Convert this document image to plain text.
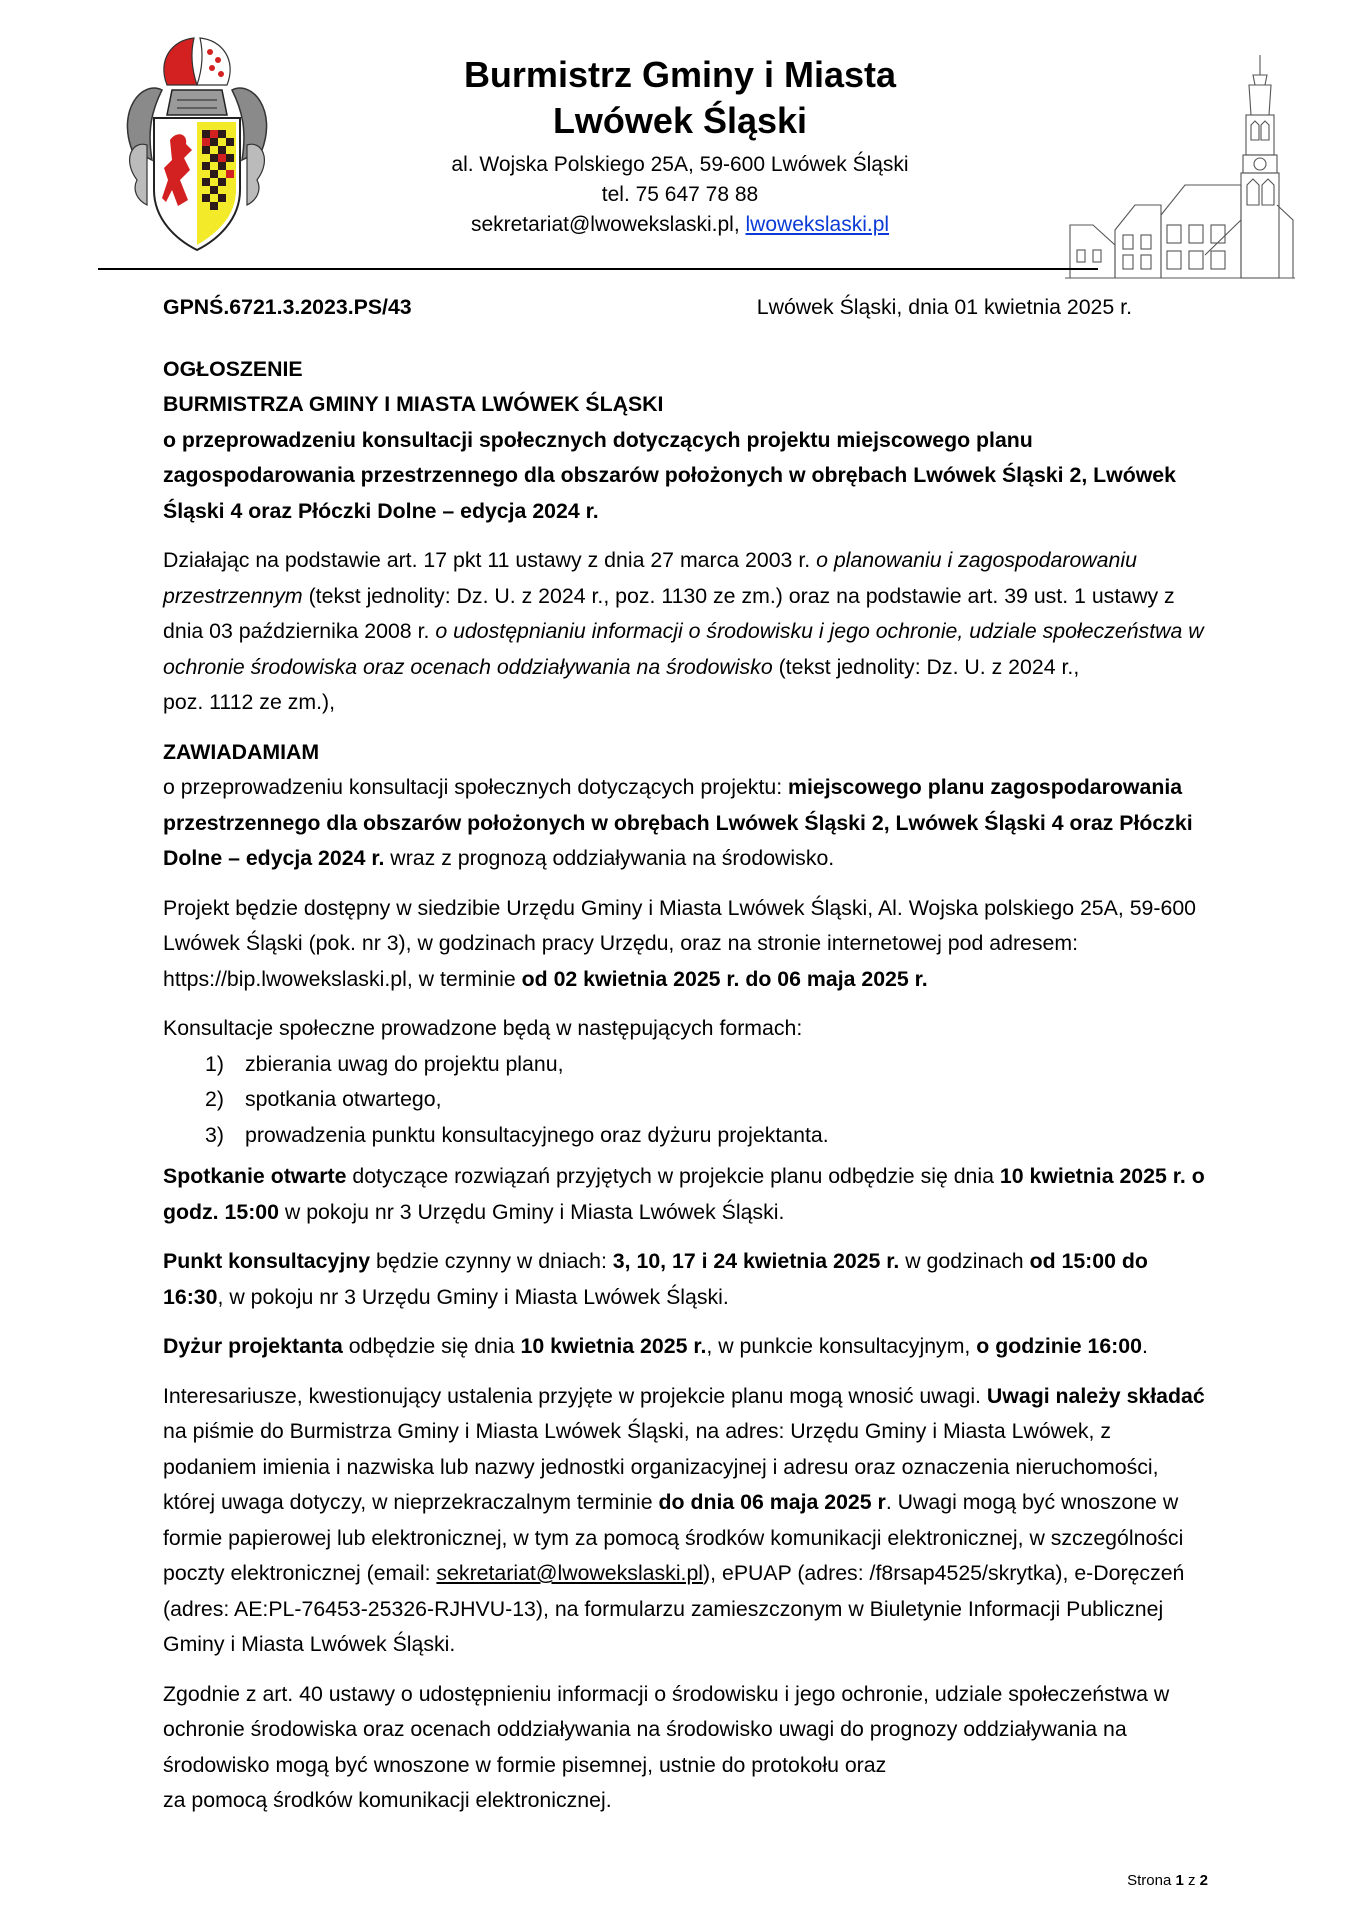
Burmistrz Gminy i Miasta
Lwówek Śląski
al. Wojska Polskiego 25A, 59-600 Lwówek Śląski
tel. 75 647 78 88
sekretariat@lwowekslaski.pl, lwowekslaski.pl
GPNŚ.6721.3.2023.PS/43	Lwówek Śląski, dnia 01 kwietnia 2025 r.

OGŁOSZENIE

BURMISTRZA GMINY I MIASTA LWÓWEK ŚLĄSKI

o przeprowadzeniu konsultacji społecznych dotyczących projektu miejscowego planu zagospodarowania przestrzennego dla obszarów położonych w obrębach Lwówek Śląski 2, Lwówek Śląski 4 oraz Płóczki Dolne – edycja 2024 r.

Działając na podstawie art. 17 pkt 11 ustawy z dnia 27 marca 2003 r. o planowaniu i zagospodarowaniu przestrzennym (tekst jednolity: Dz. U. z 2024 r., poz. 1130 ze zm.) oraz na podstawie art. 39 ust. 1 ustawy z dnia 03 października 2008 r. o udostępnianiu informacji o środowisku i jego ochronie, udziale społeczeństwa w ochronie środowiska oraz ocenach oddziaływania na środowisko (tekst jednolity: Dz. U. z 2024 r.,
poz. 1112 ze zm.),

ZAWIADAMIAM

o przeprowadzeniu konsultacji społecznych dotyczących projektu: miejscowego planu zagospodarowania przestrzennego dla obszarów położonych w obrębach Lwówek Śląski 2, Lwówek Śląski 4 oraz Płóczki Dolne – edycja 2024 r. wraz z prognozą oddziaływania na środowisko.

Projekt będzie dostępny w siedzibie Urzędu Gminy i Miasta Lwówek Śląski, Al. Wojska polskiego 25A, 59-600 Lwówek Śląski (pok. nr 3), w godzinach pracy Urzędu, oraz na stronie internetowej pod adresem: https://bip.lwowekslaski.pl, w terminie od 02 kwietnia 2025 r. do 06 maja 2025 r.

Konsultacje społeczne prowadzone będą w następujących formach:

1) zbierania uwag do projektu planu,
2) spotkania otwartego,
3) prowadzenia punktu konsultacyjnego oraz dyżuru projektanta.

Spotkanie otwarte dotyczące rozwiązań przyjętych w projekcie planu odbędzie się dnia 10 kwietnia 2025 r. o godz. 15:00 w pokoju nr 3 Urzędu Gminy i Miasta Lwówek Śląski.

Punkt konsultacyjny będzie czynny w dniach: 3, 10, 17 i 24 kwietnia 2025 r. w godzinach od 15:00 do 16:30, w pokoju nr 3 Urzędu Gminy i Miasta Lwówek Śląski.

Dyżur projektanta odbędzie się dnia 10 kwietnia 2025 r., w punkcie konsultacyjnym, o godzinie 16:00.

Interesariusze, kwestionujący ustalenia przyjęte w projekcie planu mogą wnosić uwagi. Uwagi należy składać na piśmie do Burmistrza Gminy i Miasta Lwówek Śląski, na adres: Urzędu Gminy i Miasta Lwówek, z podaniem imienia i nazwiska lub nazwy jednostki organizacyjnej i adresu oraz oznaczenia nieruchomości, której uwaga dotyczy, w nieprzekraczalnym terminie do dnia 06 maja 2025 r. Uwagi mogą być wnoszone w formie papierowej lub elektronicznej, w tym za pomocą środków komunikacji elektronicznej, w szczególności poczty elektronicznej (email: sekretariat@lwowekslaski.pl), ePUAP (adres: /f8rsap4525/skrytka), e-Doręczeń (adres: AE:PL-76453-25326-RJHVU-13), na formularzu zamieszczonym w Biuletynie Informacji Publicznej Gminy i Miasta Lwówek Śląski.

Zgodnie z art. 40 ustawy o udostępnieniu informacji o środowisku i jego ochronie, udziale społeczeństwa w ochronie środowiska oraz ocenach oddziaływania na środowisko uwagi do prognozy oddziaływania na środowisko mogą być wnoszone w formie pisemnej, ustnie do protokołu oraz
za pomocą środków komunikacji elektronicznej.

Strona 1 z 2
